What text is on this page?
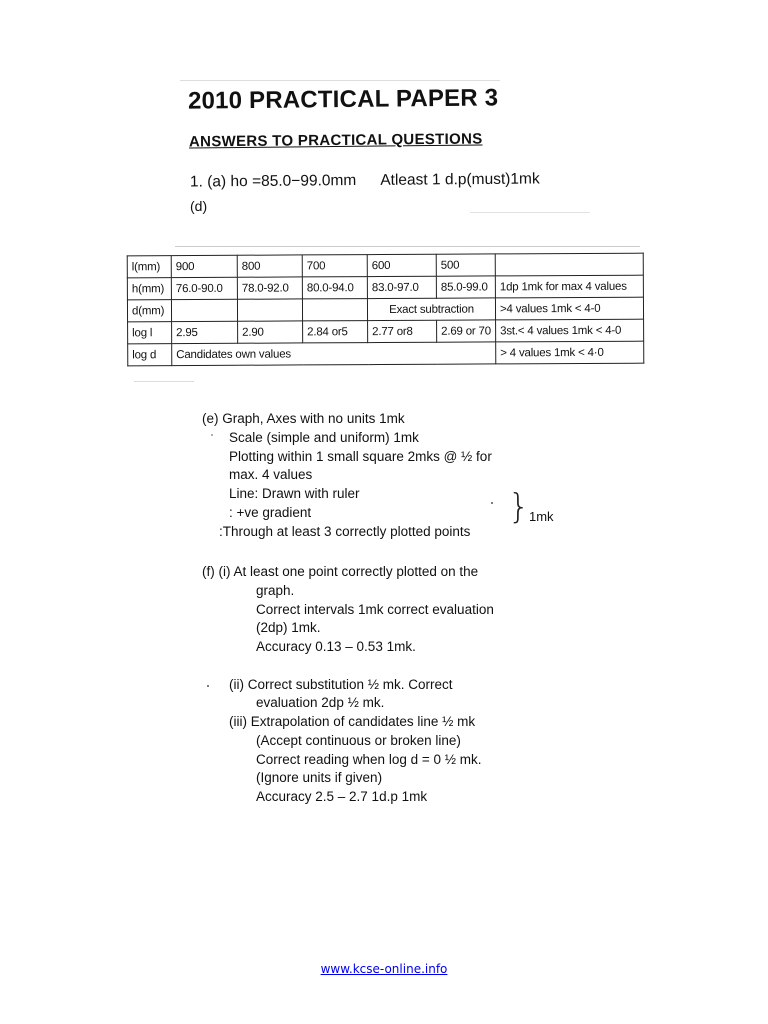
2010 PRACTICAL PAPER 3
ANSWERS TO PRACTICAL QUESTIONS
1. (a) ho =85.0−99.0mm Atleast 1 d.p(must)1mk
(d)
l(mm)	900	800	700	600	500	
h(mm)	76.0-90.0	78.0-92.0	80.0-94.0	83.0-97.0	85.0-99.0	1dp 1mk for max 4 values
d(mm)				Exact subtraction		>4 values 1mk < 4-0
log l	2.95	2.90	2.84 or5	2.77 or8	2.69 or 70	3st.< 4 values 1mk < 4-0
log d	Candidates own values					> 4 values 1mk < 4·0
(e) Graph, Axes with no units 1mk
Scale (simple and uniform) 1mk
Plotting within 1 small square 2mks @ ½ for
max. 4 values
Line: Drawn with ruler
: +ve gradient
:Through at least 3 correctly plotted points
} 1mk
(f) (i) At least one point correctly plotted on the
graph.
Correct intervals 1mk correct evaluation
(2dp) 1mk.
Accuracy 0.13 – 0.53 1mk.
(ii) Correct substitution ½ mk. Correct
evaluation 2dp ½ mk.
(iii) Extrapolation of candidates line ½ mk
(Accept continuous or broken line)
Correct reading when log d = 0 ½ mk.
(Ignore units if given)
Accuracy 2.5 – 2.7 1d.p 1mk
www.kcse-online.info
